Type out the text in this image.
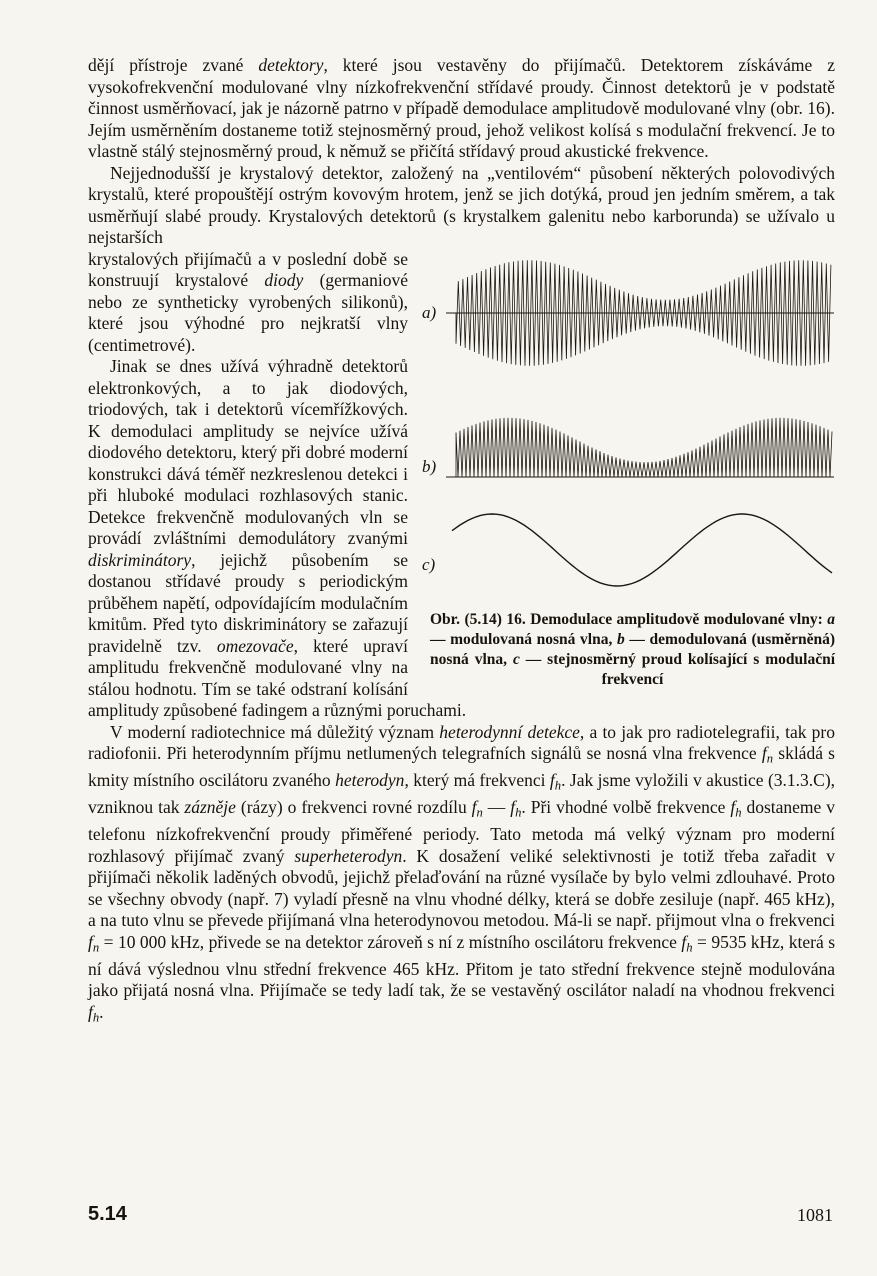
dějí přístroje zvané detektory, které jsou vestavěny do přijímačů. Detektorem získáváme z vysokofrekvenční modulované vlny nízkofrekvenční střídavé proudy. Činnost detektorů je v podstatě činnost usměrňovací, jak je názorně patrno v případě demodulace amplitudově modulované vlny (obr. 16). Jejím usměrněním dostaneme totiž stejnosměrný proud, jehož velikost kolísá s modulační frekvencí. Je to vlastně stálý stejnosměrný proud, k němuž se přičítá střídavý proud akustické frekvence.

Nejjednodušší je krystalový detektor, založený na „ventilovém“ působení některých polovodivých krystalů, které propouštějí ostrým kovovým hrotem, jenž se jich dotýká, proud jen jedním směrem, a tak usměrňují slabé proudy. Krystalových detektorů (s krystalkem galenitu nebo karborunda) se užívalo u nejstarších

a)
b)
c)
Obr. (5.14) 16. Demodulace amplitudově modulované vlny: a — modulovaná nosná vlna, b — demodulovaná (usměrněná) nosná vlna, c — stejnosměrný proud kolísající s modulační frekvencí

krystalových přijímačů a v poslední době se konstruují krystalové diody (germaniové nebo ze syntheticky vyrobených silikonů), které jsou výhodné pro nejkratší vlny (centimetrové).

Jinak se dnes užívá výhradně detektorů elektronkových, a to jak diodových, triodových, tak i detektorů vícemřížkových. K demodulaci amplitudy se nejvíce užívá diodového detektoru, který při dobré moderní konstrukci dává téměř nezkreslenou detekci i při hluboké modulaci rozhlasových stanic. Detekce frekvenčně modulovaných vln se provádí zvláštními demodulátory zvanými diskriminátory, jejichž působením se dostanou střídavé proudy s periodickým průběhem napětí, odpovídajícím modulačním kmitům. Před tyto diskriminátory se zařazují pravidelně tzv. omezovače, které upraví amplitudu frekvenčně modulované vlny na stálou hodnotu. Tím se také odstraní kolísání amplitudy způsobené fadingem a různými poruchami.

V moderní radiotechnice má důležitý význam heterodynní detekce, a to jak pro radiotelegrafii, tak pro radiofonii. Při heterodynním příjmu netlumených telegrafních signálů se nosná vlna frekvence $f_n$ skládá s kmity místního oscilátoru zvaného heterodyn, který má frekvenci $f_h$. Jak jsme vyložili v akustice (3.1.3.C), vzniknou tak zázněje (rázy) o frekvenci rovné rozdílu $f_n$ — $f_h$. Při vhodné volbě frekvence $f_h$ dostaneme v telefonu nízkofrekvenční proudy přiměřené periody. Tato metoda má velký význam pro moderní rozhlasový přijímač zvaný superheterodyn. K dosažení veliké selektivnosti je totiž třeba zařadit v přijímači několik laděných obvodů, jejichž přelaďování na různé vysílače by bylo velmi zdlouhavé. Proto se všechny obvody (např. 7) vyladí přesně na vlnu vhodné délky, která se dobře zesiluje (např. 465 kHz), a na tuto vlnu se převede přijímaná vlna heterodynovou metodou. Má-li se např. přijmout vlna o frekvenci $f_n = 10$ 000 kHz, přivede se na detektor zároveň s ní z místního oscilátoru frekvence $f_h = 9535$ kHz, která s ní dává výslednou vlnu střední frekvence 465 kHz. Přitom je tato střední frekvence stejně modulována jako přijatá nosná vlna. Přijímače se tedy ladí tak, že se vestavěný oscilátor naladí na vhodnou frekvenci $f_h$.

5.14	1081
